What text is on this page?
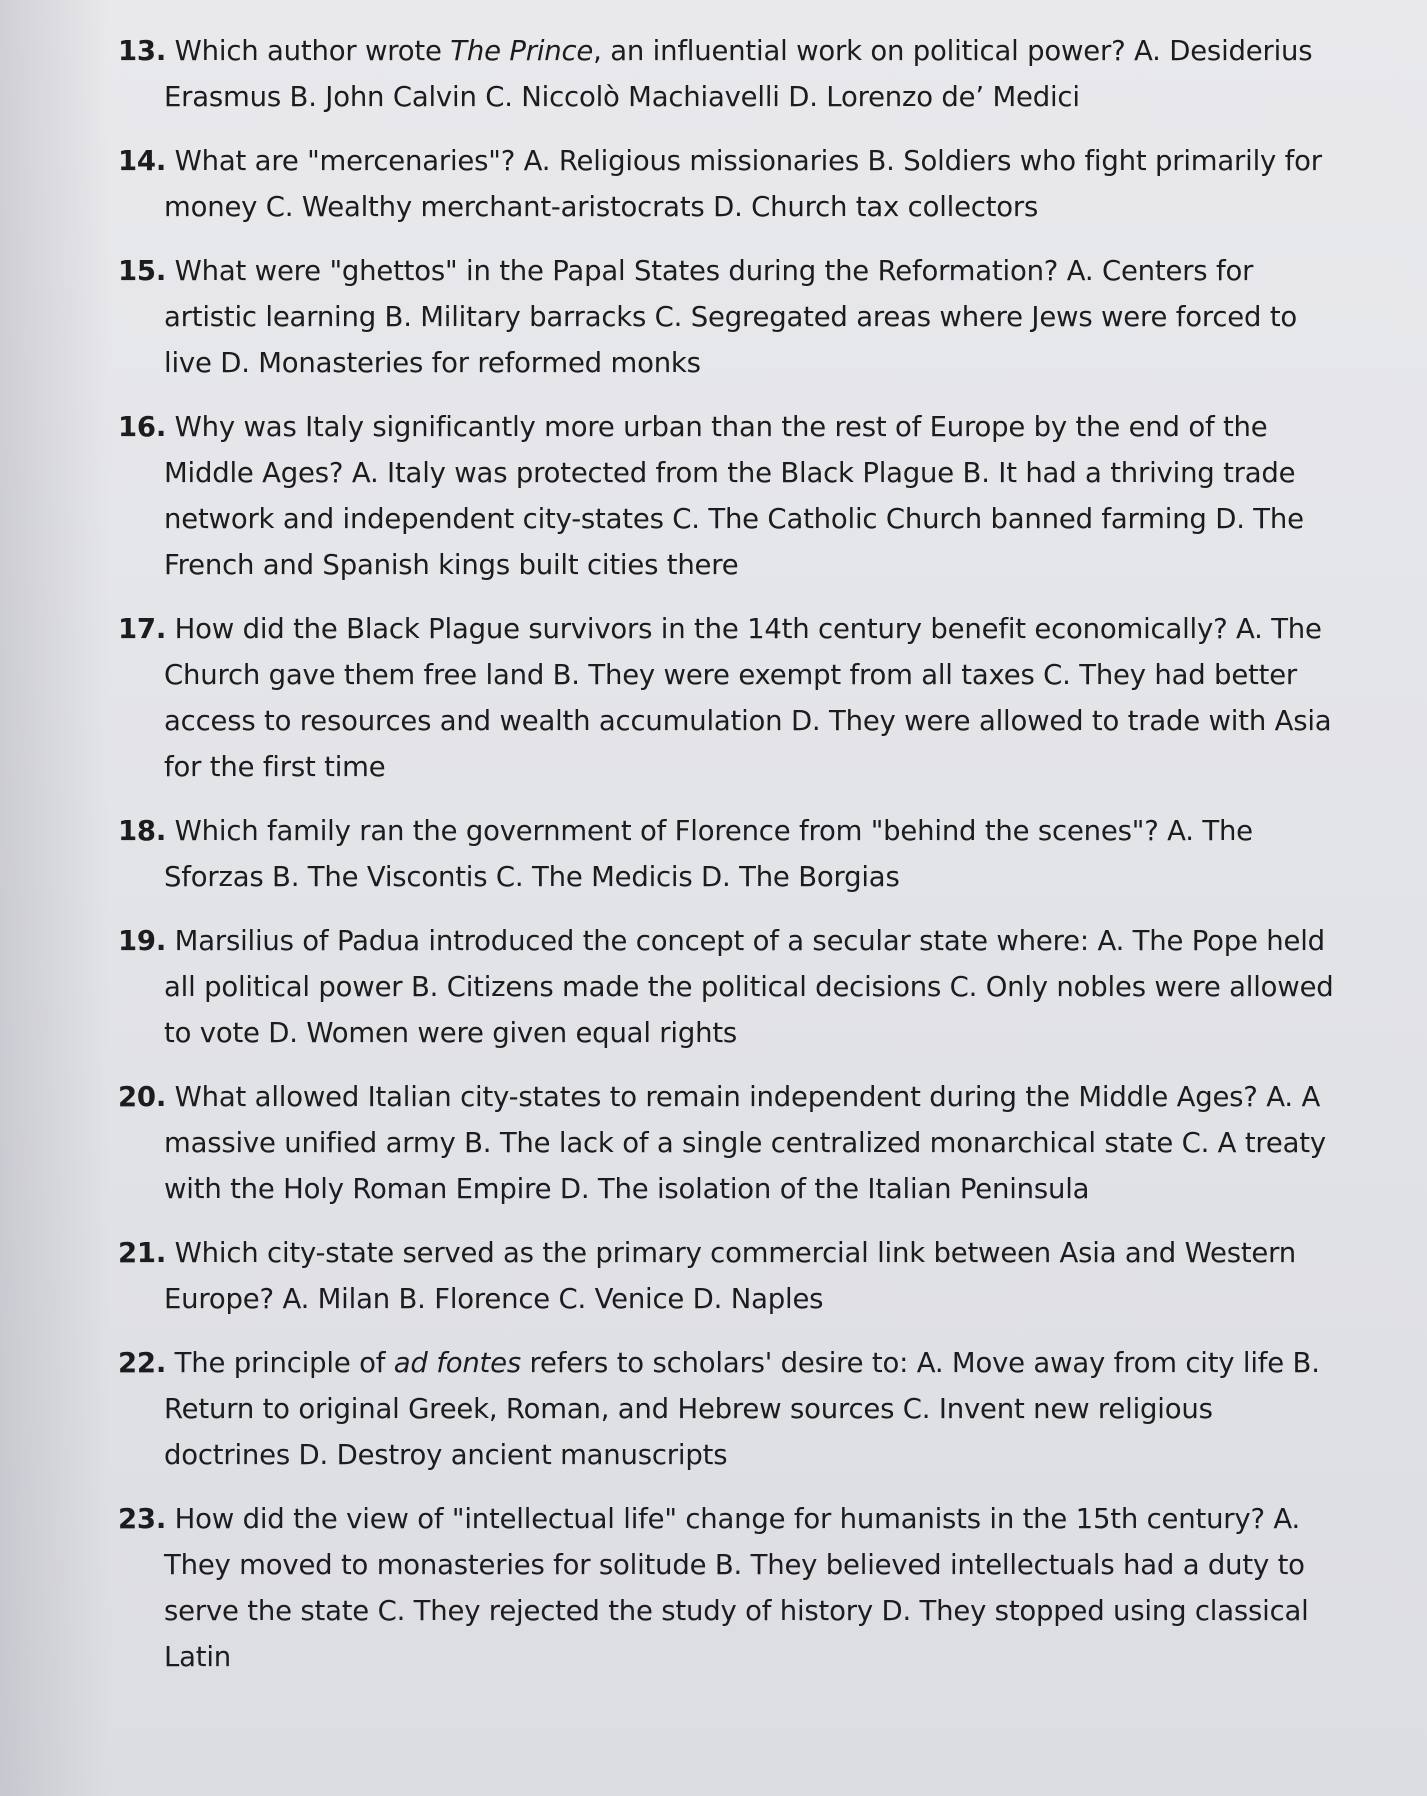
13. Which author wrote The Prince, an influential work on political power? A. Desiderius Erasmus B. John Calvin C. Niccolò Machiavelli D. Lorenzo de’ Medici

14. What are "mercenaries"? A. Religious missionaries B. Soldiers who fight primarily for money C. Wealthy merchant-aristocrats D. Church tax collectors

15. What were "ghettos" in the Papal States during the Reformation? A. Centers for artistic learning B. Military barracks C. Segregated areas where Jews were forced to live D. Monasteries for reformed monks

16. Why was Italy significantly more urban than the rest of Europe by the end of the Middle Ages? A. Italy was protected from the Black Plague B. It had a thriving trade network and independent city-states C. The Catholic Church banned farming D. The French and Spanish kings built cities there

17. How did the Black Plague survivors in the 14th century benefit economically? A. The Church gave them free land B. They were exempt from all taxes C. They had better access to resources and wealth accumulation D. They were allowed to trade with Asia for the first time

18. Which family ran the government of Florence from "behind the scenes"? A. The Sforzas B. The Viscontis C. The Medicis D. The Borgias

19. Marsilius of Padua introduced the concept of a secular state where: A. The Pope held all political power B. Citizens made the political decisions C. Only nobles were allowed to vote D. Women were given equal rights

20. What allowed Italian city-states to remain independent during the Middle Ages? A. A massive unified army B. The lack of a single centralized monarchical state C. A treaty with the Holy Roman Empire D. The isolation of the Italian Peninsula

21. Which city-state served as the primary commercial link between Asia and Western Europe? A. Milan B. Florence C. Venice D. Naples

22. The principle of ad fontes refers to scholars' desire to: A. Move away from city life B. Return to original Greek, Roman, and Hebrew sources C. Invent new religious doctrines D. Destroy ancient manuscripts

23. How did the view of "intellectual life" change for humanists in the 15th century? A. They moved to monasteries for solitude B. They believed intellectuals had a duty to serve the state C. They rejected the study of history D. They stopped using classical Latin
